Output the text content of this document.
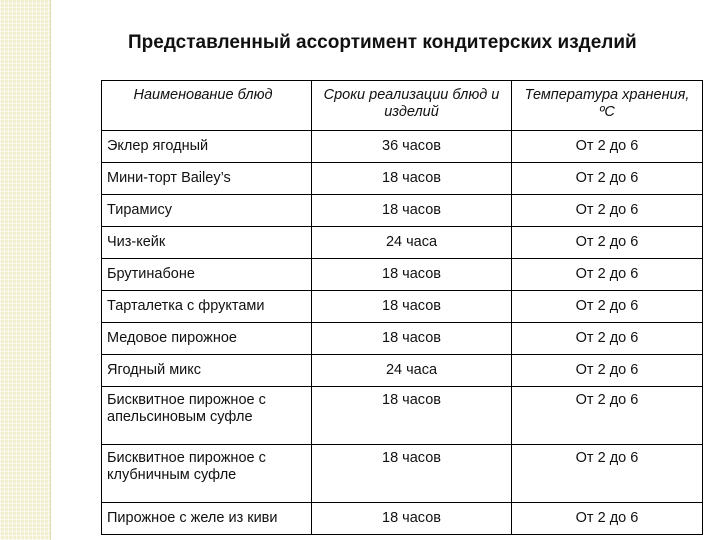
Представленный ассортимент кондитерских изделий
Наименование блюд	Сроки реализации блюд и изделий	Температура хранения, ºС
Эклер ягодный	36 часов	От 2 до 6
Мини-торт Bailey’s	18 часов	От 2 до 6
Тирамису	18 часов	От 2 до 6
Чиз-кейк	24 часа	От 2 до 6
Брутинабоне	18 часов	От 2 до 6
Тарталетка с фруктами	18 часов	От 2 до 6
Медовое пирожное	18 часов	От 2 до 6
Ягодный микс	24 часа	От 2 до 6
Бисквитное пирожное с апельсиновым суфле	18 часов	От 2 до 6
Бисквитное пирожное с клубничным суфле	18 часов	От 2 до 6
Пирожное с желе из киви	18 часов	От 2 до 6
